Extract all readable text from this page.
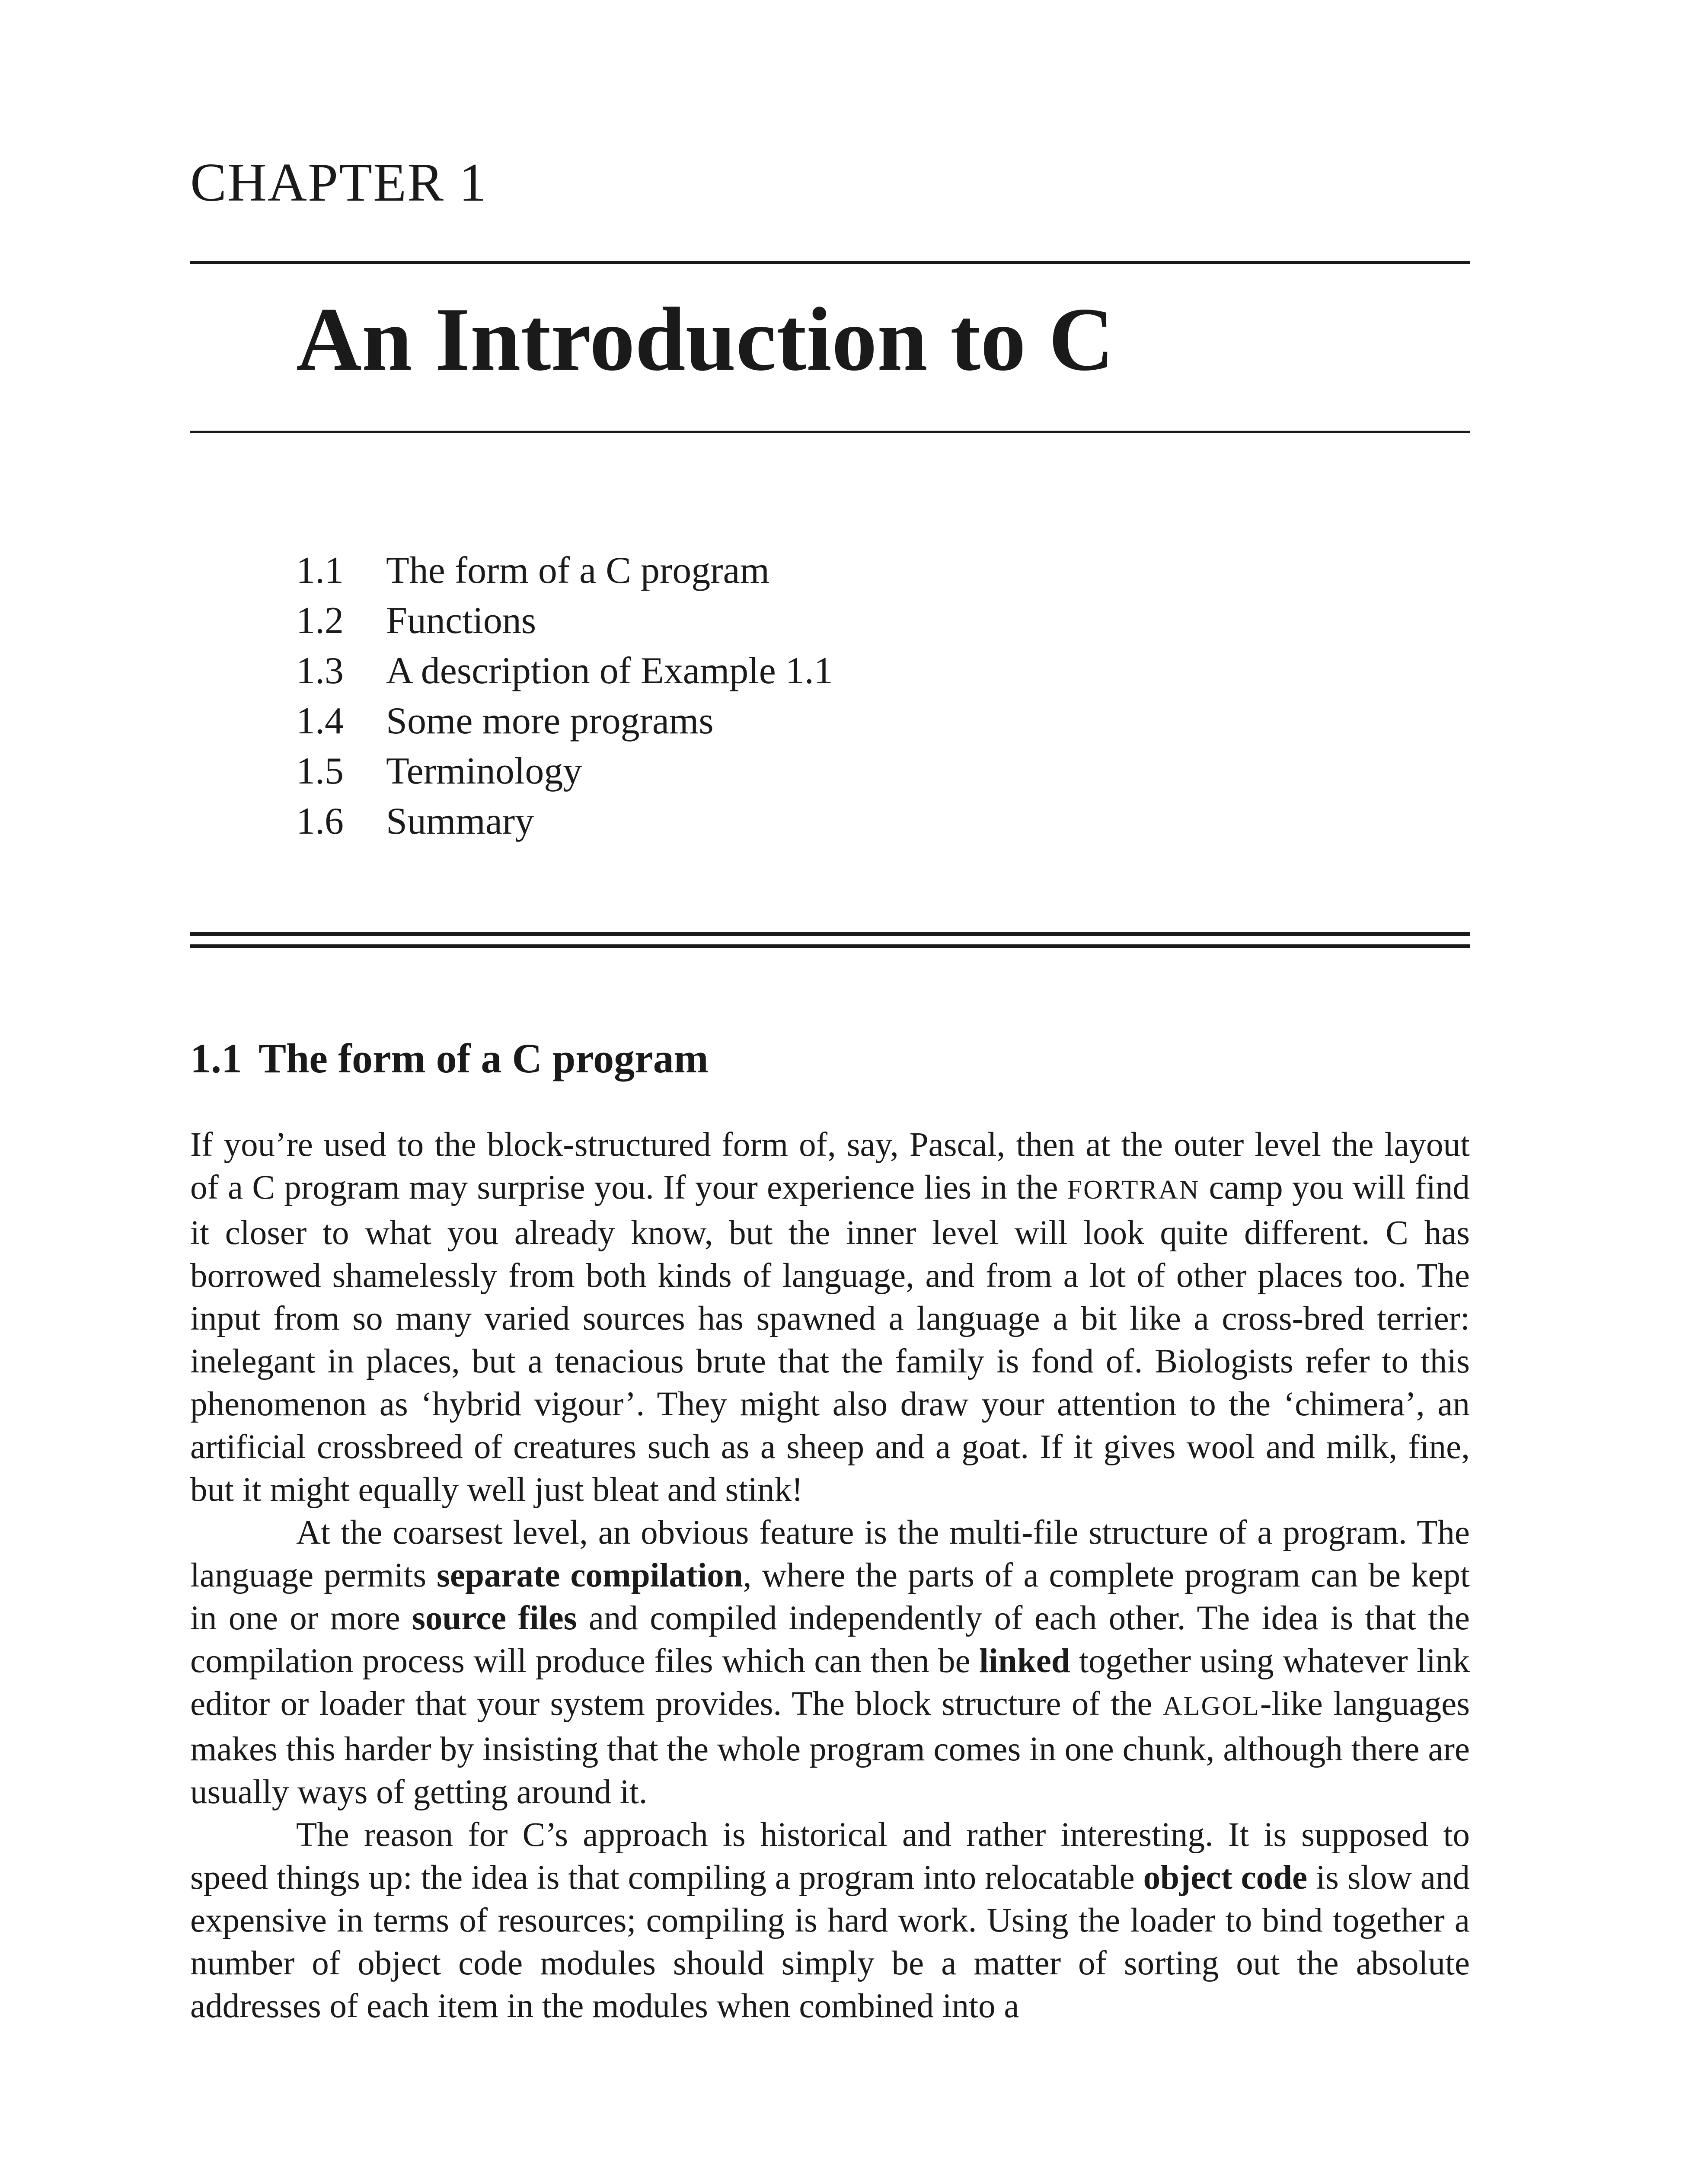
CHAPTER 1
An Introduction to C
1.1 The form of a C program
1.2 Functions
1.3 A description of Example 1.1
1.4 Some more programs
1.5 Terminology
1.6 Summary
1.1 The form of a C program

If you’re used to the block-structured form of, say, Pascal, then at the outer level the layout of a C program may surprise you. If your experience lies in the FORTRAN camp you will find it closer to what you already know, but the inner level will look quite different. C has borrowed shamelessly from both kinds of language, and from a lot of other places too. The input from so many varied sources has spawned a language a bit like a cross-bred terrier: inelegant in places, but a tenacious brute that the family is fond of. Biologists refer to this phenomenon as ‘hybrid vigour’. They might also draw your attention to the ‘chimera’, an artificial crossbreed of creatures such as a sheep and a goat. If it gives wool and milk, fine, but it might equally well just bleat and stink!

At the coarsest level, an obvious feature is the multi-file structure of a program. The language permits separate compilation, where the parts of a complete program can be kept in one or more source files and compiled independently of each other. The idea is that the compilation process will produce files which can then be linked together using whatever link editor or loader that your system provides. The block structure of the ALGOL-like languages makes this harder by insisting that the whole program comes in one chunk, although there are usually ways of getting around it.

The reason for C’s approach is historical and rather interesting. It is supposed to speed things up: the idea is that compiling a program into relocatable object code is slow and expensive in terms of resources; compiling is hard work. Using the loader to bind together a number of object code modules should simply be a matter of sorting out the absolute addresses of each item in the modules when combined into a
